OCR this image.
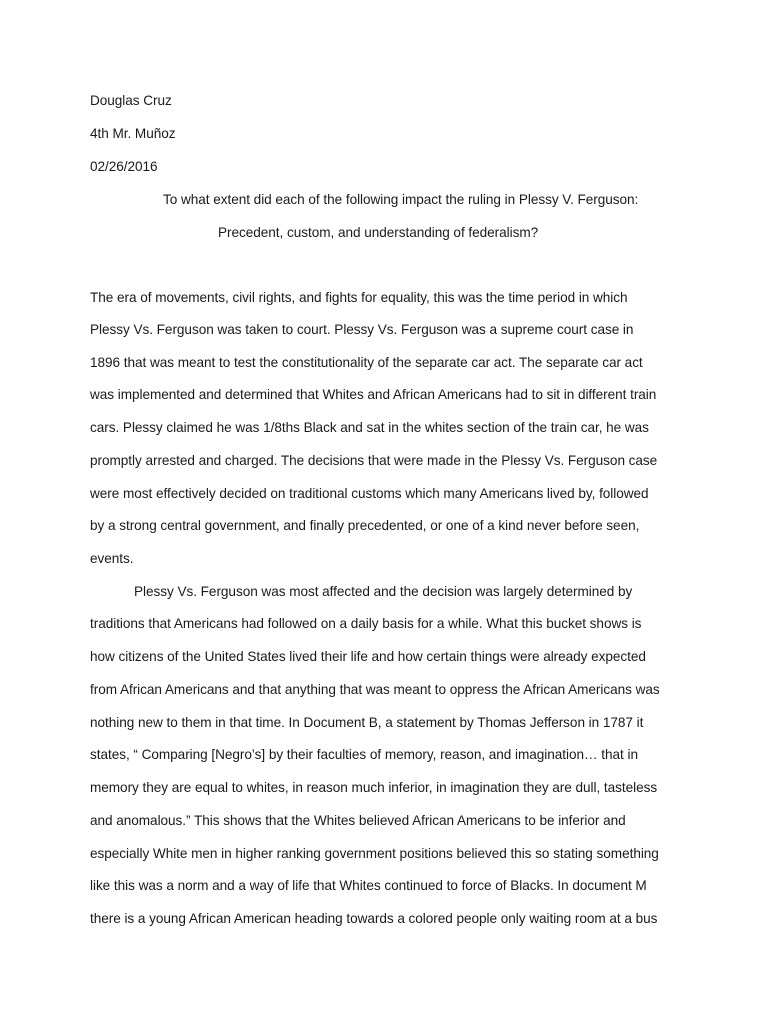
Douglas Cruz
4th Mr. Muñoz
02/26/2016
To what extent did each of the following impact the ruling in Plessy V. Ferguson:
Precedent, custom, and understanding of federalism?
The era of movements, civil rights, and fights for equality, this was the time period in which
Plessy Vs. Ferguson was taken to court. Plessy Vs. Ferguson was a supreme court case in
1896 that was meant to test the constitutionality of the separate car act. The separate car act
was implemented and determined that Whites and African Americans had to sit in different train
cars. Plessy claimed he was 1/8ths Black and sat in the whites section of the train car, he was
promptly arrested and charged. The decisions that were made in the Plessy Vs. Ferguson case
were most effectively decided on traditional customs which many Americans lived by, followed
by a strong central government, and finally precedented, or one of a kind never before seen,
events.
Plessy Vs. Ferguson was most affected and the decision was largely determined by
traditions that Americans had followed on a daily basis for a while. What this bucket shows is
how citizens of the United States lived their life and how certain things were already expected
from African Americans and that anything that was meant to oppress the African Americans was
nothing new to them in that time. In Document B, a statement by Thomas Jefferson in 1787 it
states, “ Comparing [Negro’s] by their faculties of memory, reason, and imagination… that in
memory they are equal to whites, in reason much inferior, in imagination they are dull, tasteless
and anomalous.” This shows that the Whites believed African Americans to be inferior and
especially White men in higher ranking government positions believed this so stating something
like this was a norm and a way of life that Whites continued to force of Blacks. In document M
there is a young African American heading towards a colored people only waiting room at a bus
